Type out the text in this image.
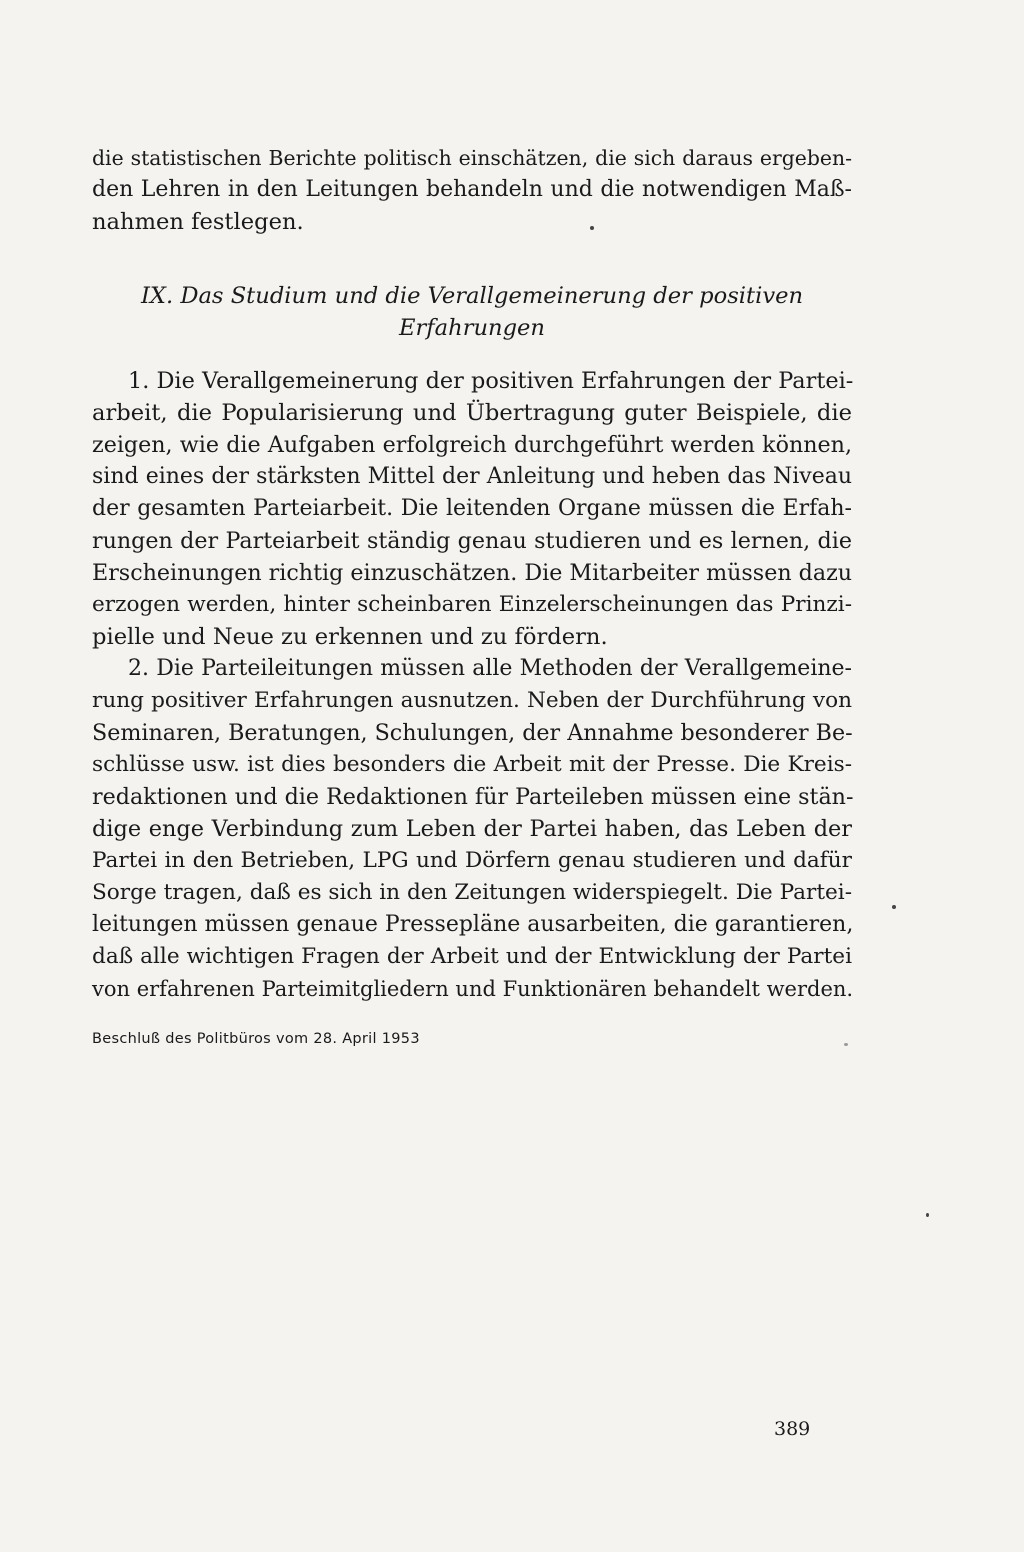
die statistischen Berichte politisch einschätzen, die sich daraus ergeben-
den Lehren in den Leitungen behandeln und die notwendigen Maß-
nahmen festlegen.
IX. Das Studium und die Verallgemeinerung der positiven
Erfahrungen
1. Die Verallgemeinerung der positiven Erfahrungen der Partei-
arbeit, die Popularisierung und Übertragung guter Beispiele, die
zeigen, wie die Aufgaben erfolgreich durchgeführt werden können,
sind eines der stärksten Mittel der Anleitung und heben das Niveau
der gesamten Parteiarbeit. Die leitenden Organe müssen die Erfah-
rungen der Parteiarbeit ständig genau studieren und es lernen, die
Erscheinungen richtig einzuschätzen. Die Mitarbeiter müssen dazu
erzogen werden, hinter scheinbaren Einzelerscheinungen das Prinzi-
pielle und Neue zu erkennen und zu fördern.
2. Die Parteileitungen müssen alle Methoden der Verallgemeine-
rung positiver Erfahrungen ausnutzen. Neben der Durchführung von
Seminaren, Beratungen, Schulungen, der Annahme besonderer Be-
schlüsse usw. ist dies besonders die Arbeit mit der Presse. Die Kreis-
redaktionen und die Redaktionen für Parteileben müssen eine stän-
dige enge Verbindung zum Leben der Partei haben, das Leben der
Partei in den Betrieben, LPG und Dörfern genau studieren und dafür
Sorge tragen, daß es sich in den Zeitungen widerspiegelt. Die Partei-
leitungen müssen genaue Pressepläne ausarbeiten, die garantieren,
daß alle wichtigen Fragen der Arbeit und der Entwicklung der Partei
von erfahrenen Parteimitgliedern und Funktionären behandelt werden.
Beschluß des Politbüros vom 28. April 1953
389
